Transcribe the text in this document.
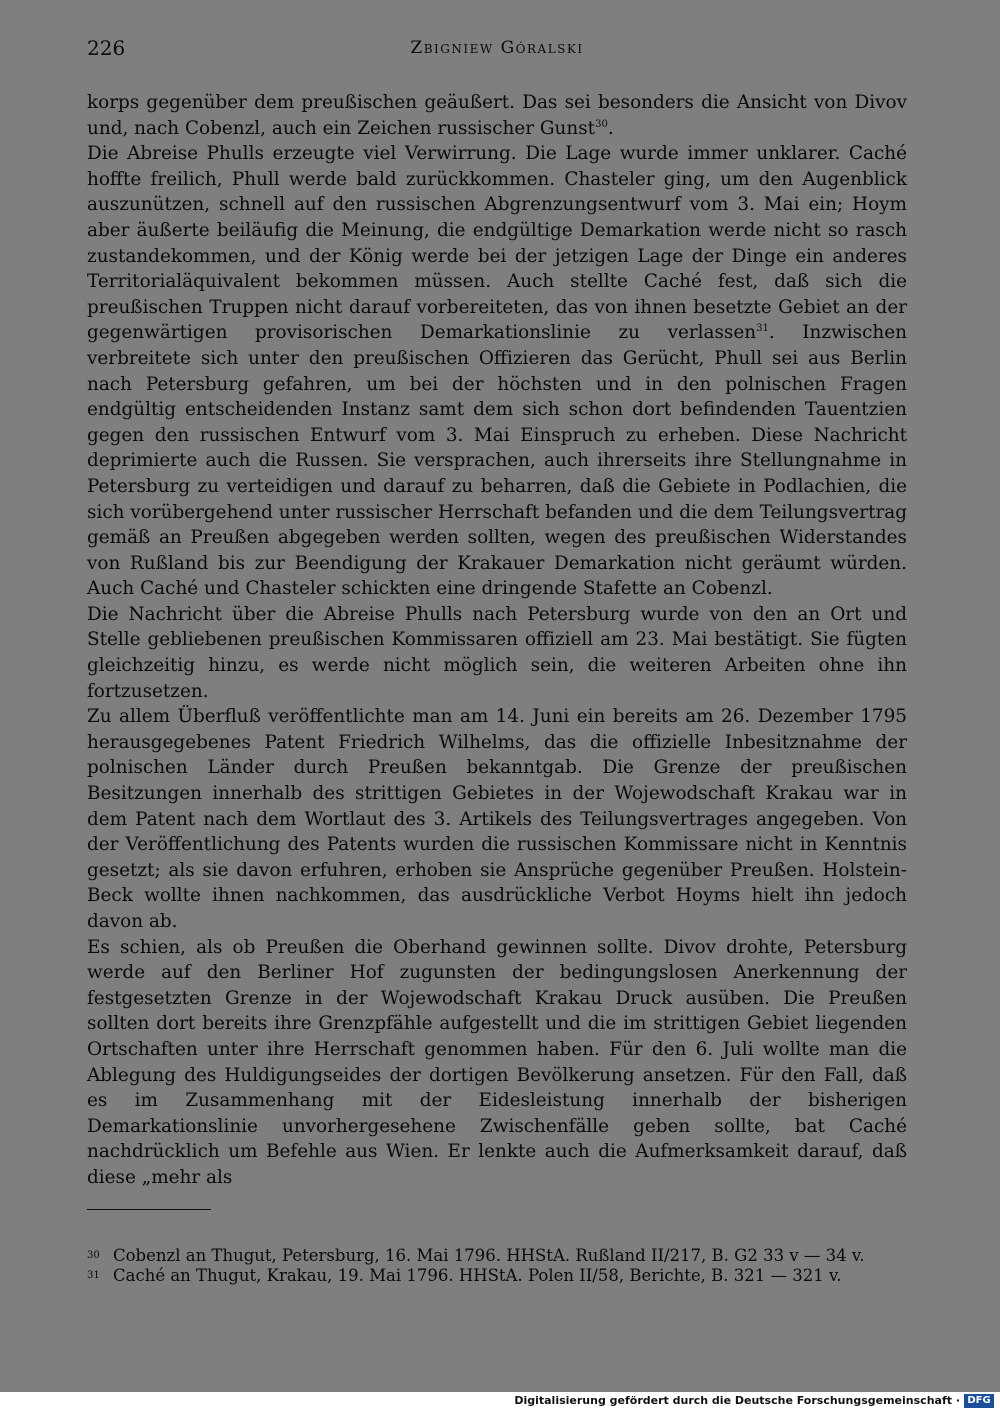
226	Zbigniew Góralski

korps gegenüber dem preußischen geäußert. Das sei besonders die Ansicht von Divov und, nach Cobenzl, auch ein Zeichen russischer Gunst$^{30}$.

Die Abreise Phulls erzeugte viel Verwirrung. Die Lage wurde immer unklarer. Caché hoffte freilich, Phull werde bald zurückkommen. Chasteler ging, um den Augenblick auszunützen, schnell auf den russischen Abgrenzungsentwurf vom 3. Mai ein; Hoym aber äußerte beiläufig die Meinung, die endgültige Demarkation werde nicht so rasch zustandekommen, und der König werde bei der jetzigen Lage der Dinge ein anderes Territorialäquivalent bekommen müssen. Auch stellte Caché fest, daß sich die preußischen Truppen nicht darauf vorbereiteten, das von ihnen besetzte Gebiet an der gegenwärtigen provisorischen Demarkationslinie zu verlassen$^{31}$. Inzwischen verbreitete sich unter den preußischen Offizieren das Gerücht, Phull sei aus Berlin nach Petersburg gefahren, um bei der höchsten und in den polnischen Fragen endgültig entscheidenden Instanz samt dem sich schon dort befindenden Tauentzien gegen den russischen Entwurf vom 3. Mai Einspruch zu erheben. Diese Nachricht deprimierte auch die Russen. Sie versprachen, auch ihrerseits ihre Stellungnahme in Petersburg zu verteidigen und darauf zu beharren, daß die Gebiete in Podlachien, die sich vorübergehend unter russischer Herrschaft befanden und die dem Teilungsvertrag gemäß an Preußen abgegeben werden sollten, wegen des preußischen Widerstandes von Rußland bis zur Beendigung der Krakauer Demarkation nicht geräumt würden. Auch Caché und Chasteler schickten eine dringende Stafette an Cobenzl.

Die Nachricht über die Abreise Phulls nach Petersburg wurde von den an Ort und Stelle gebliebenen preußischen Kommissaren offiziell am 23. Mai bestätigt. Sie fügten gleichzeitig hinzu, es werde nicht möglich sein, die weiteren Arbeiten ohne ihn fortzusetzen.

Zu allem Überfluß veröffentlichte man am 14. Juni ein bereits am 26. Dezember 1795 herausgegebenes Patent Friedrich Wilhelms, das die offizielle Inbesitznahme der polnischen Länder durch Preußen bekanntgab. Die Grenze der preußischen Besitzungen innerhalb des strittigen Gebietes in der Wojewodschaft Krakau war in dem Patent nach dem Wortlaut des 3. Artikels des Teilungsvertrages angegeben. Von der Veröffentlichung des Patents wurden die russischen Kommissare nicht in Kenntnis gesetzt; als sie davon erfuhren, erhoben sie Ansprüche gegenüber Preußen. Holstein-Beck wollte ihnen nachkommen, das ausdrückliche Verbot Hoyms hielt ihn jedoch davon ab.

Es schien, als ob Preußen die Oberhand gewinnen sollte. Divov drohte, Petersburg werde auf den Berliner Hof zugunsten der bedingungslosen Anerkennung der festgesetzten Grenze in der Wojewodschaft Krakau Druck ausüben. Die Preußen sollten dort bereits ihre Grenzpfähle aufgestellt und die im strittigen Gebiet liegenden Ortschaften unter ihre Herrschaft genommen haben. Für den 6. Juli wollte man die Ablegung des Huldigungseides der dortigen Bevölkerung ansetzen. Für den Fall, daß es im Zusammenhang mit der Eidesleistung innerhalb der bisherigen Demarkationslinie unvorhergesehene Zwischenfälle geben sollte, bat Caché nachdrücklich um Befehle aus Wien. Er lenkte auch die Aufmerksamkeit darauf, daß diese „mehr als

30 Cobenzl an Thugut, Petersburg, 16. Mai 1796. HHStA. Rußland II/217, B. G2 33 v — 34 v.
31 Caché an Thugut, Krakau, 19. Mai 1796. HHStA. Polen II/58, Berichte, B. 321 — 321 v.
Digitalisierung gefördert durch die Deutsche Forschungsgemeinschaft · DFG
